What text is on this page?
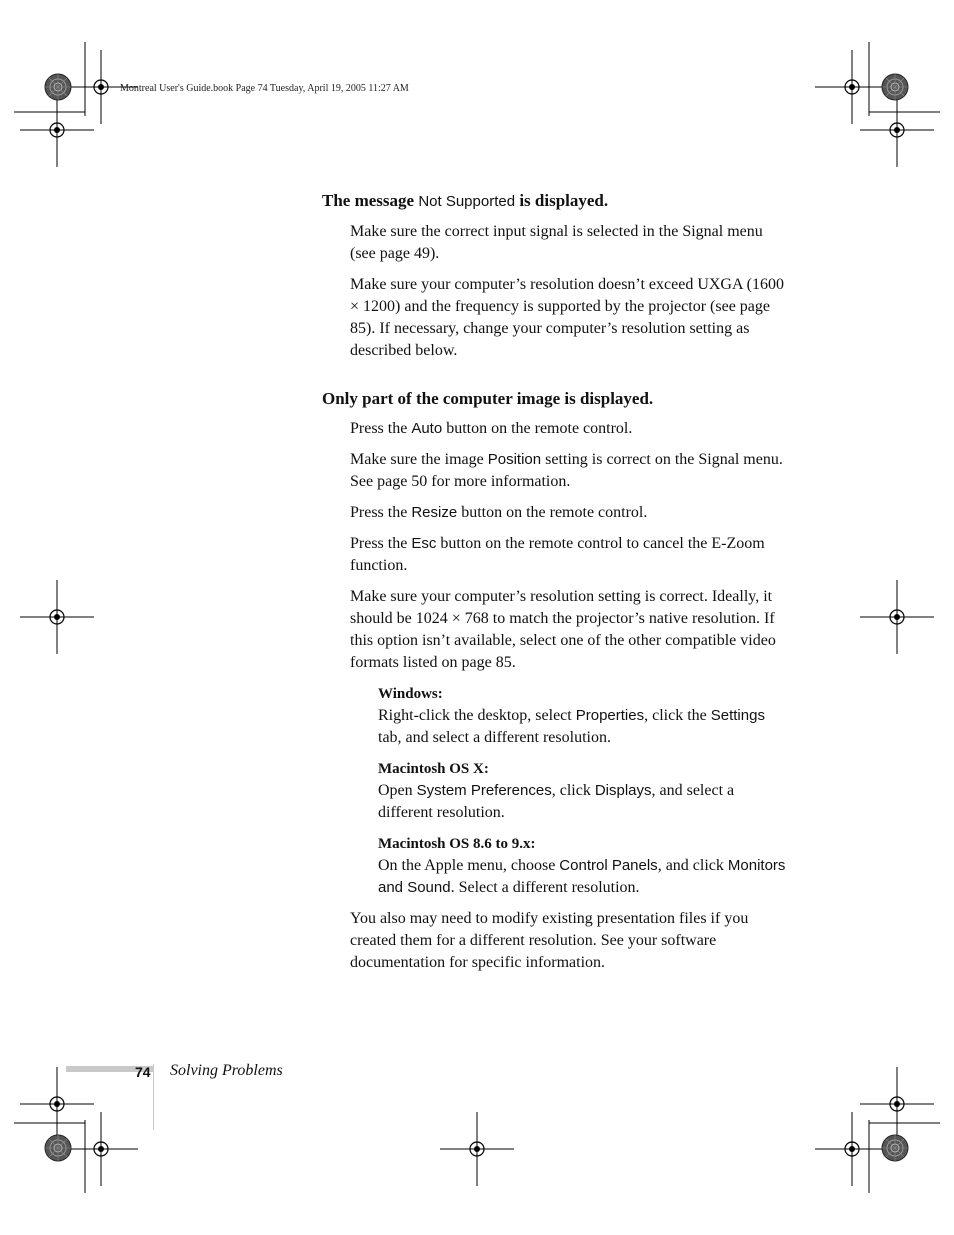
Montreal User's Guide.book Page 74 Tuesday, April 19, 2005 11:27 AM

The message Not Supported is displayed.

Make sure the correct input signal is selected in the Signal menu (see page 49).

Make sure your computer’s resolution doesn’t exceed UXGA (1600 × 1200) and the frequency is supported by the projector (see page 85). If necessary, change your computer’s resolution setting as described below.

Only part of the computer image is displayed.

Press the Auto button on the remote control.

Make sure the image Position setting is correct on the Signal menu. See page 50 for more information.

Press the Resize button on the remote control.

Press the Esc button on the remote control to cancel the E-Zoom function.

Make sure your computer’s resolution setting is correct. Ideally, it should be 1024 × 768 to match the projector’s native resolution. If this option isn’t available, select one of the other compatible video formats listed on page 85.

Windows:
Right-click the desktop, select Properties, click the Settings tab, and select a different resolution.

Macintosh OS X:
Open System Preferences, click Displays, and select a different resolution.

Macintosh OS 8.6 to 9.x:
On the Apple menu, choose Control Panels, and click Monitors and Sound. Select a different resolution.

You also may need to modify existing presentation files if you created them for a different resolution. See your software documentation for specific information.

74 Solving Problems
